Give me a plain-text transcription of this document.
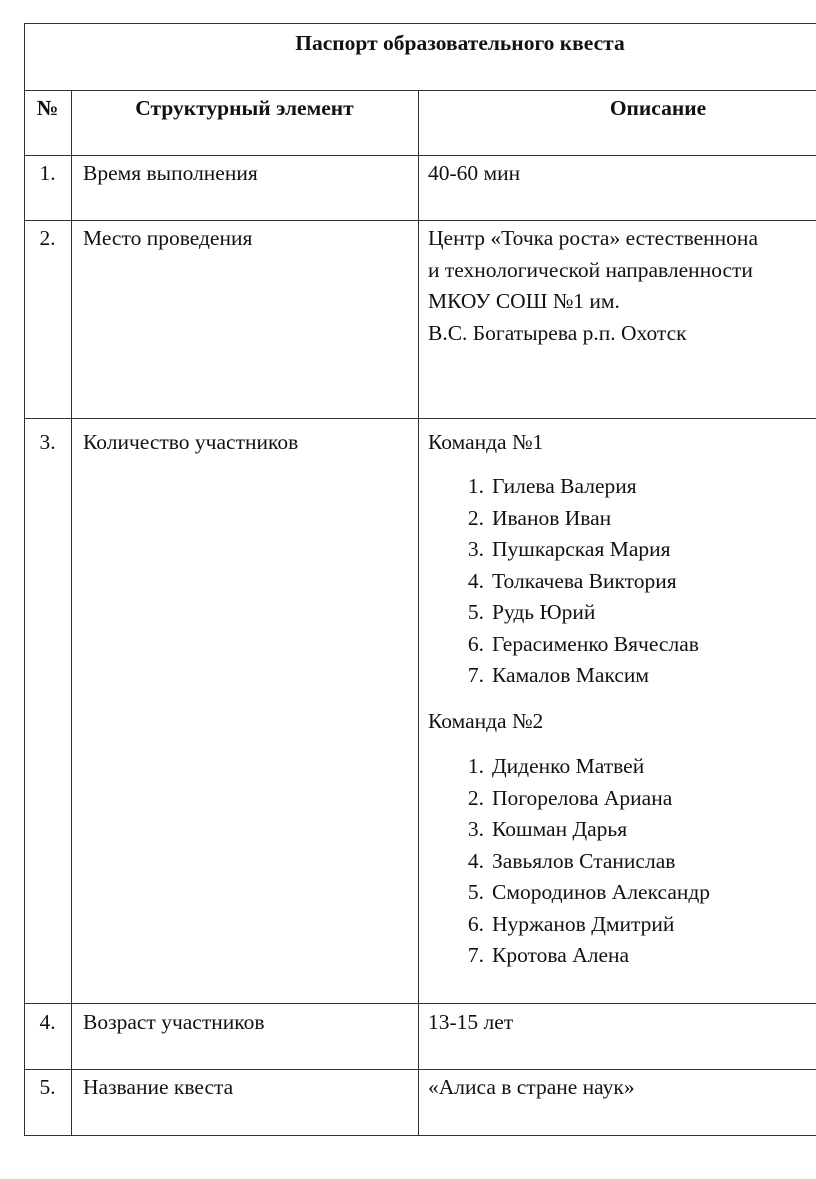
Паспорт образовательного квеста
№	Структурный элемент	Описание
1.	Время выполнения	40-60 мин
2.	Место проведения	Центр «Точка роста» естественнона
и технологической направленности
МКОУ СОШ №1 им.
В.С. Богатырева р.п. Охотск
3.	Количество участников	Команда №1
1. Гилева Валерия
2. Иванов Иван
3. Пушкарская Мария
4. Толкачева Виктория
5. Рудь Юрий
6. Герасименко Вячеслав
7. Камалов Максим
Команда №2
1. Диденко Матвей
2. Погорелова Ариана
3. Кошман Дарья
4. Завьялов Станислав
5. Смородинов Александр
6. Нуржанов Дмитрий
7. Кротова Алена
4.	Возраст участников	13-15 лет
5.	Название квеста	«Алиса в стране наук»
